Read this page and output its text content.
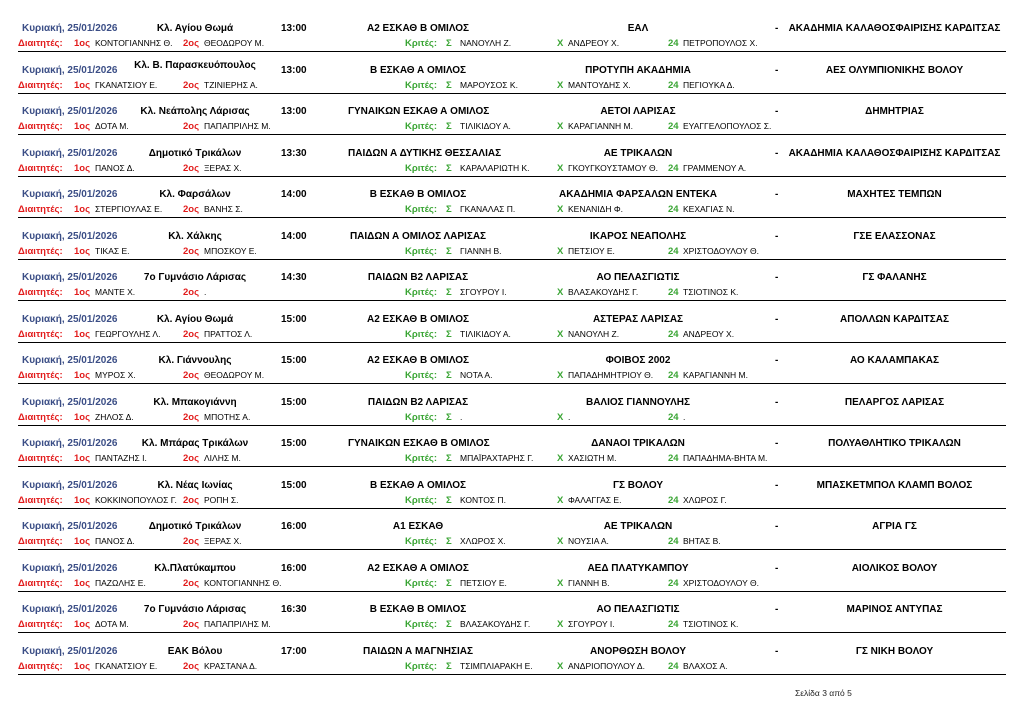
Κυριακή, 25/01/2026	Κλ. Αγίου Θωμά	13:00	Α2 ΕΣΚΑΘ Β ΟΜΙΛΟΣ	ΕΑΛ	-	ΑΚΑΔΗΜΙΑ ΚΑΛΑΘΟΣΦΑΙΡΙΣΗΣ ΚΑΡΔΙΤΣΑΣ
Διαιτητές: 1ος ΚΟΝΤΟΓΙΑΝΝΗΣ Θ. 2ος ΘΕΟΔΩΡΟΥ Μ.	Κριτές: Σ ΝΑΝΟΥΛΗ Ζ.	Χ ΑΝΔΡΕΟΥ Χ.	24 ΠΕΤΡΟΠΟΥΛΟΣ Χ.
Κυριακή, 25/01/2026	Κλ. Β. Παρασκευόπουλος	13:00	Β ΕΣΚΑΘ Α ΟΜΙΛΟΣ	ΠΡΟΤΥΠΗ ΑΚΑΔΗΜΙΑ	-	ΑΕΣ ΟΛΥΜΠΙΟΝΙΚΗΣ ΒΟΛΟΥ
Διαιτητές: 1ος ΓΚΑΝΑΤΣΙΟΥ Ε.	2ος ΤΖΙΝΙΕΡΗΣ Α.	Κριτές: Σ ΜΑΡΟΥΣΟΣ Κ.	Χ ΜΑΝΤΟΥΔΗΣ Χ.	24 ΠΕΓΙΟΥΚΑ Δ.
Κυριακή, 25/01/2026	Κλ. Νεάπολης Λάρισας	13:00	ΓΥΝΑΙΚΩΝ ΕΣΚΑΘ Α ΟΜΙΛΟΣ	ΑΕΤΟΙ ΛΑΡΙΣΑΣ	-	ΔΗΜΗΤΡΙΑΣ
Διαιτητές: 1ος ΔΟΤΑ Μ.	2ος ΠΑΠΑΠΡΙΛΗΣ Μ.	Κριτές: Σ ΤΙΛΙΚΙΔΟΥ Α.	Χ ΚΑΡΑΓΙΑΝΝΗ Μ.	24 ΕΥΑΓΓΕΛΟΠΟΥΛΟΣ Σ.
Κυριακή, 25/01/2026	Δημοτικό Τρικάλων	13:30	ΠΑΙΔΩΝ Α ΔΥΤΙΚΗΣ ΘΕΣΣΑΛΙΑΣ	ΑΕ ΤΡΙΚΑΛΩΝ	-	ΑΚΑΔΗΜΙΑ ΚΑΛΑΘΟΣΦΑΙΡΙΣΗΣ ΚΑΡΔΙΤΣΑΣ
Διαιτητές: 1ος ΠΑΝΟΣ Δ.	2ος ΞΕΡΑΣ Χ.	Κριτές: Σ ΚΑΡΑΛΑΡΙΩΤΗ Κ.	Χ ΓΚΟΥΓΚΟΥΣΤΑΜΟΥ Θ. 24 ΓΡΑΜΜΕΝΟΥ Α.
Κυριακή, 25/01/2026	Κλ. Φαρσάλων	14:00	Β ΕΣΚΑΘ Β ΟΜΙΛΟΣ	ΑΚΑΔΗΜΙΑ ΦΑΡΣΑΛΩΝ ΕΝΤΕΚΑ	-	ΜΑΧΗΤΕΣ ΤΕΜΠΩΝ
Διαιτητές: 1ος ΣΤΕΡΓΙΟΥΛΑΣ Ε. 2ος ΒΑΝΗΣ Σ.	Κριτές: Σ ΓΚΑΝΑΛΑΣ Π.	Χ ΚΕΝΑΝΙΔΗ Φ.	24 ΚΕΧΑΓΙΑΣ Ν.
Κυριακή, 25/01/2026	Κλ. Χάλκης	14:00	ΠΑΙΔΩΝ Α ΟΜΙΛΟΣ ΛΑΡΙΣΑΣ	ΙΚΑΡΟΣ ΝΕΑΠΟΛΗΣ	-	ΓΣΕ ΕΛΑΣΣΟΝΑΣ
Διαιτητές: 1ος ΤΙΚΑΣ Ε.	2ος ΜΠΟΣΚΟΥ Ε.	Κριτές: Σ ΓΙΑΝΝΗ Β.	Χ ΠΕΤΣΙΟΥ Ε.	24 ΧΡΙΣΤΟΔΟΥΛΟΥ Θ.
Κυριακή, 25/01/2026	7ο Γυμνάσιο Λάρισας	14:30	ΠΑΙΔΩΝ Β2 ΛΑΡΙΣΑΣ	ΑΟ ΠΕΛΑΣΓΙΩΤΙΣ	-	ΓΣ ΦΑΛΑΝΗΣ
Διαιτητές: 1ος ΜΑΝΤΕ Χ.	2ος .	Κριτές: Σ ΣΓΟΥΡΟΥ Ι.	Χ ΒΛΑΣΑΚΟΥΔΗΣ Γ.	24 ΤΣΙΟΤΙΝΟΣ Κ.
Κυριακή, 25/01/2026	Κλ. Αγίου Θωμά	15:00	Α2 ΕΣΚΑΘ Β ΟΜΙΛΟΣ	ΑΣΤΕΡΑΣ ΛΑΡΙΣΑΣ	-	ΑΠΟΛΛΩΝ ΚΑΡΔΙΤΣΑΣ
Διαιτητές: 1ος ΓΕΩΡΓΟΥΛΗΣ Λ. 2ος ΠΡΑΤΤΟΣ Λ.	Κριτές: Σ ΤΙΛΙΚΙΔΟΥ Α.	Χ ΝΑΝΟΥΛΗ Ζ.	24 ΑΝΔΡΕΟΥ Χ.
Κυριακή, 25/01/2026	Κλ. Γιάννουλης	15:00	Α2 ΕΣΚΑΘ Β ΟΜΙΛΟΣ	ΦΟΙΒΟΣ 2002	-	ΑΟ ΚΑΛΑΜΠΑΚΑΣ
Διαιτητές: 1ος ΜΥΡΟΣ Χ.	2ος ΘΕΟΔΩΡΟΥ Μ.	Κριτές: Σ ΝΟΤΑ Α.	Χ ΠΑΠΑΔΗΜΗΤΡΙΟΥ Θ. 24 ΚΑΡΑΓΙΑΝΝΗ Μ.
Κυριακή, 25/01/2026	Κλ. Μπακογιάννη	15:00	ΠΑΙΔΩΝ Β2 ΛΑΡΙΣΑΣ	ΒΑΛΙΟΣ ΓΙΑΝΝΟΥΛΗΣ	-	ΠΕΛΑΡΓΟΣ ΛΑΡΙΣΑΣ
Διαιτητές: 1ος ΖΗΛΟΣ Δ.	2ος ΜΠΟΤΗΣ Α.	Κριτές: Σ .	Χ .	24 .
Κυριακή, 25/01/2026	Κλ. Μπάρας Τρικάλων	15:00	ΓΥΝΑΙΚΩΝ ΕΣΚΑΘ Β ΟΜΙΛΟΣ	ΔΑΝΑΟΙ ΤΡΙΚΑΛΩΝ	-	ΠΟΛΥΑΘΛΗΤΙΚΟ ΤΡΙΚΑΛΩΝ
Διαιτητές: 1ος ΠΑΝΤΑΖΗΣ Ι.	2ος ΛΙΛΗΣ Μ.	Κριτές: Σ ΜΠΑΪΡΑΧΤΑΡΗΣ Γ. Χ ΧΑΣΙΩΤΗ Μ.	24 ΠΑΠΑΔΗΜΑ-ΒΗΤΑ Μ.
Κυριακή, 25/01/2026	Κλ. Νέας Ιωνίας	15:00	Β ΕΣΚΑΘ Α ΟΜΙΛΟΣ	ΓΣ ΒΟΛΟΥ	-	ΜΠΑΣΚΕΤΜΠΟΛ ΚΛΑΜΠ ΒΟΛΟΣ
Διαιτητές: 1ος ΚΟΚΚΙΝΟΠΟΥΛΟΣ Γ. 2ος ΡΟΠΗ Σ.	Κριτές: Σ ΚΟΝΤΟΣ Π.	Χ ΦΑΛΑΓΓΑΣ Ε.	24 ΧΛΩΡΟΣ Γ.
Κυριακή, 25/01/2026	Δημοτικό Τρικάλων	16:00	Α1 ΕΣΚΑΘ	ΑΕ ΤΡΙΚΑΛΩΝ	-	ΑΓΡΙΑ ΓΣ
Διαιτητές: 1ος ΠΑΝΟΣ Δ.	2ος ΞΕΡΑΣ Χ.	Κριτές: Σ ΧΛΩΡΟΣ Χ.	Χ ΝΟΥΣΙΑ Α.	24 ΒΗΤΑΣ Β.
Κυριακή, 25/01/2026	Κλ.Πλατύκαμπου	16:00	Α2 ΕΣΚΑΘ Α ΟΜΙΛΟΣ	ΑΕΔ ΠΛΑΤΥΚΑΜΠΟΥ	-	ΑΙΟΛΙΚΟΣ ΒΟΛΟΥ
Διαιτητές: 1ος ΠΑΖΩΛΗΣ Ε.	2ος ΚΟΝΤΟΓΙΑΝΝΗΣ Θ.	Κριτές: Σ ΠΕΤΣΙΟΥ Ε.	Χ ΓΙΑΝΝΗ Β.	24 ΧΡΙΣΤΟΔΟΥΛΟΥ Θ.
Κυριακή, 25/01/2026	7ο Γυμνάσιο Λάρισας	16:30	Β ΕΣΚΑΘ Β ΟΜΙΛΟΣ	ΑΟ ΠΕΛΑΣΓΙΩΤΙΣ	-	ΜΑΡΙΝΟΣ ΑΝΤΥΠΑΣ
Διαιτητές: 1ος ΔΟΤΑ Μ.	2ος ΠΑΠΑΠΡΙΛΗΣ Μ.	Κριτές: Σ ΒΛΑΣΑΚΟΥΔΗΣ Γ.	Χ ΣΓΟΥΡΟΥ Ι.	24 ΤΣΙΟΤΙΝΟΣ Κ.
Κυριακή, 25/01/2026	ΕΑΚ Βόλου	17:00	ΠΑΙΔΩΝ Α ΜΑΓΝΗΣΙΑΣ	ΑΝΟΡΘΩΣΗ ΒΟΛΟΥ	-	ΓΣ ΝΙΚΗ ΒΟΛΟΥ
Διαιτητές: 1ος ΓΚΑΝΑΤΣΙΟΥ Ε.	2ος ΚΡΑΣΤΑΝΑ Δ.	Κριτές: Σ ΤΣΙΜΠΛΙΑΡΑΚΗ Ε.	Χ ΑΝΔΡΙΟΠΟΥΛΟΥ Δ. 24 ΒΛΑΧΟΣ Α.
Σελίδα 3 από 5
